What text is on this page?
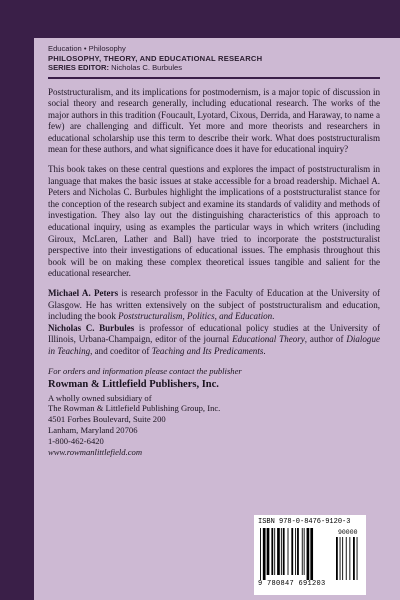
Education • Philosophy
PHILOSOPHY, THEORY, AND EDUCATIONAL RESEARCH
SERIES EDITOR: Nicholas C. Burbules

Poststructuralism, and its implications for postmodernism, is a major topic of discussion in social theory and research generally, including educational research. The works of the major authors in this tradition (Foucault, Lyotard, Cixous, Derrida, and Haraway, to name a few) are challenging and difficult. Yet more and more theorists and researchers in educational scholarship use this term to describe their work. What does poststructuralism mean for these authors, and what significance does it have for educational inquiry?

This book takes on these central questions and explores the impact of poststructuralism in language that makes the basic issues at stake accessible for a broad readership. Michael A. Peters and Nicholas C. Burbules highlight the implications of a poststructuralist stance for the conception of the research subject and examine its standards of validity and methods of investigation. They also lay out the distinguishing characteristics of this approach to educational inquiry, using as examples the particular ways in which writers (including Giroux, McLaren, Lather and Ball) have tried to incorporate the poststructuralist perspective into their investigations of educational issues. The emphasis throughout this book will be on making these complex theoretical issues tangible and salient for the educational researcher.

Michael A. Peters is research professor in the Faculty of Education at the University of Glasgow. He has written extensively on the subject of poststructuralism and education, including the book Poststructuralism, Politics, and Education.

Nicholas C. Burbules is professor of educational policy studies at the University of Illinois, Urbana-Champaign, editor of the journal Educational Theory, author of Dialogue in Teaching, and coeditor of Teaching and Its Predicaments.

For orders and information please contact the publisher
Rowman & Littlefield Publishers, Inc.
A wholly owned subsidiary of
The Rowman & Littlefield Publishing Group, Inc.
4501 Forbes Boulevard, Suite 200
Lanham, Maryland 20706
1-800-462-6420
www.rowmanlittlefield.com
ISBN 978-0-8476-9120-3
90000
9 780847 691203
